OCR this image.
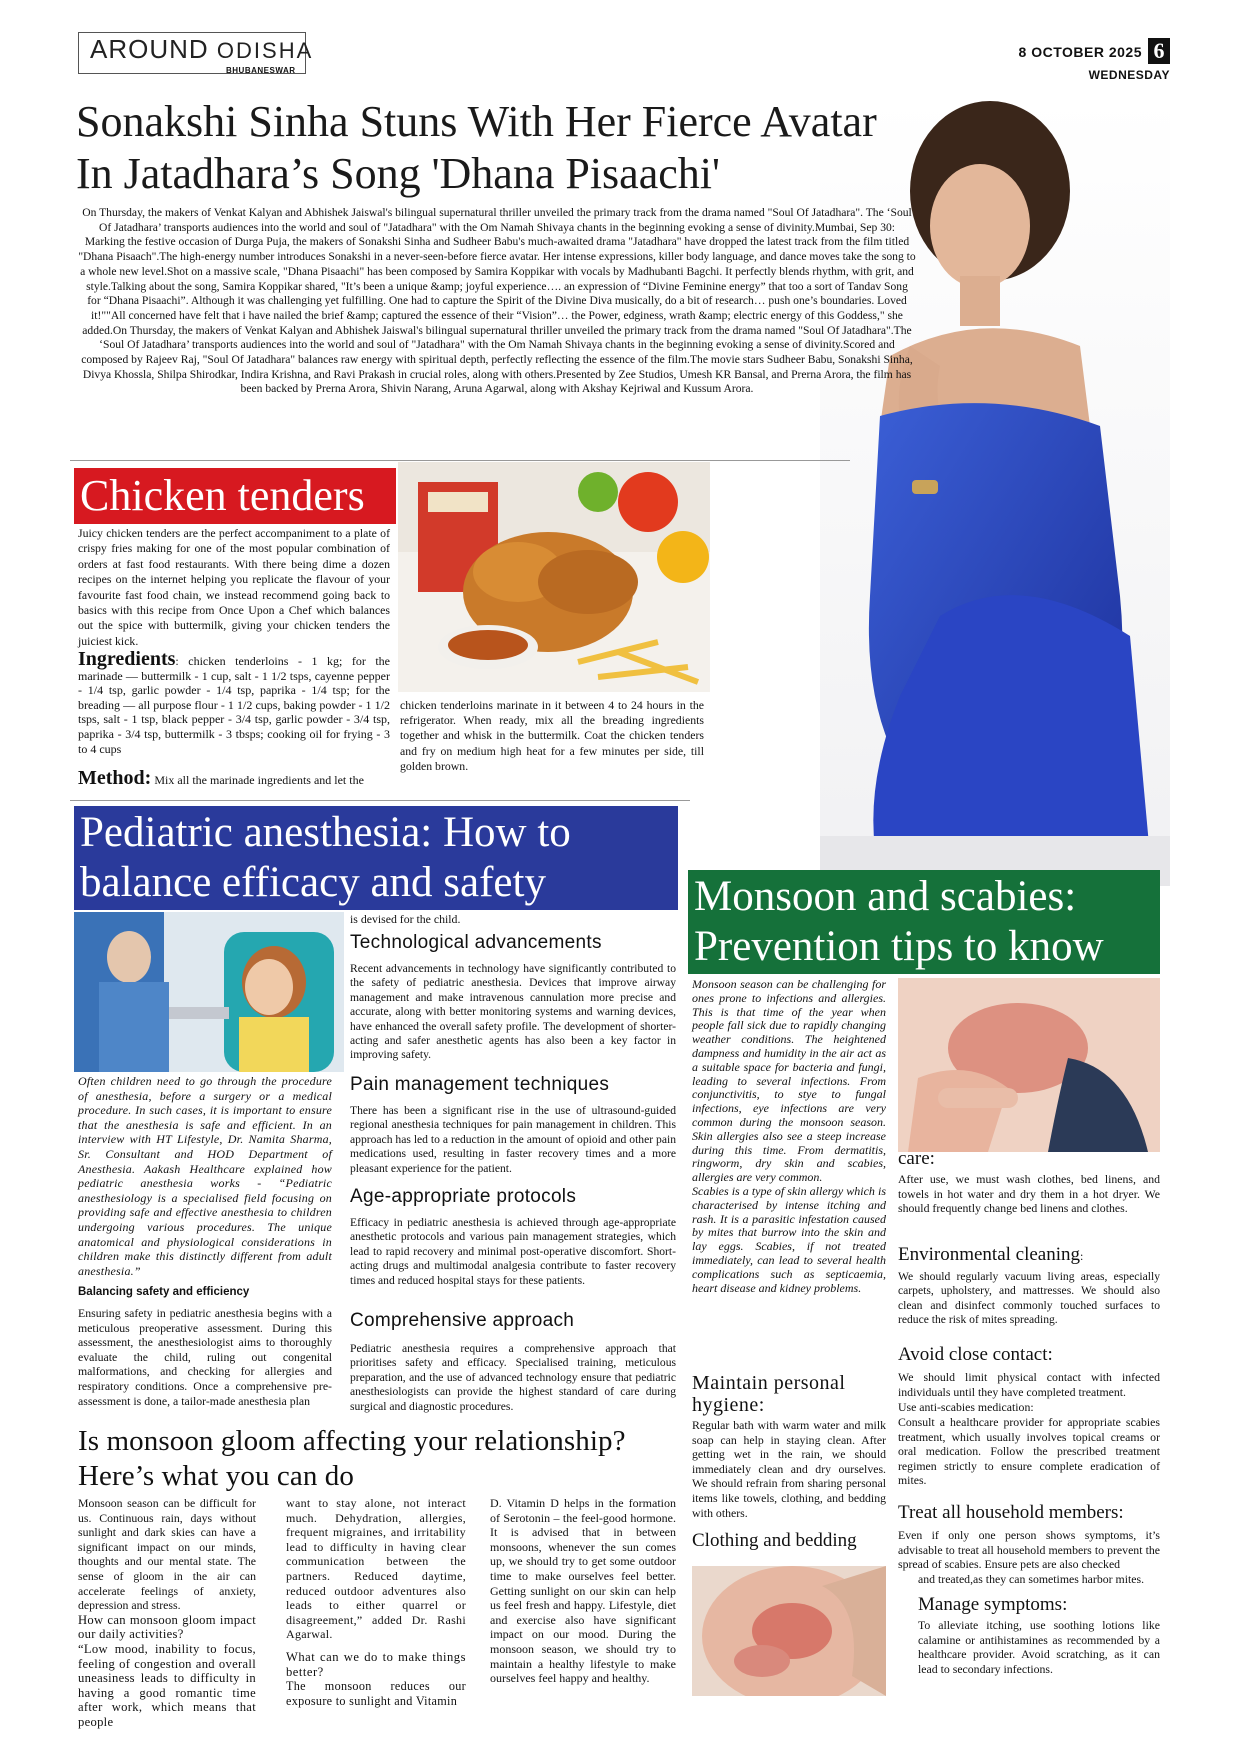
AROUND ODISHA
BHUBANESWAR
8 OCTOBER 2025 6
WEDNESDAY
Sonakshi Sinha Stuns With Her Fierce Avatar
In Jatadhara’s Song 'Dhana Pisaachi'

On Thursday, the makers of Venkat Kalyan and Abhishek Jaiswal's bilingual supernatural thriller unveiled the primary track from the drama named "Soul Of Jatadhara". The ‘Soul Of Jatadhara’ transports audiences into the world and soul of "Jatadhara" with the Om Namah Shivaya chants in the beginning evoking a sense of divinity.Mumbai, Sep 30: Marking the festive occasion of Durga Puja, the makers of Sonakshi Sinha and Sudheer Babu's much-awaited drama "Jatadhara" have dropped the latest track from the film titled "Dhana Pisaach".The high-energy number introduces Sonakshi in a never-seen-before fierce avatar. Her intense expressions, killer body language, and dance moves take the song to a whole new level.Shot on a massive scale, "Dhana Pisaachi" has been composed by Samira Koppikar with vocals by Madhubanti Bagchi. It perfectly blends rhythm, with grit, and style.Talking about the song, Samira Koppikar shared, "It’s been a unique &amp; joyful experience…. an expression of “Divine Feminine energy” that too a sort of Tandav Song for “Dhana Pisaachi”. Although it was challenging yet fulfilling. One had to capture the Spirit of the Divine Diva musically, do a bit of research… push one’s boundaries. Loved it!""All concerned have felt that i have nailed the brief &amp; captured the essence of their “Vision”… the Power, edginess, wrath &amp; electric energy of this Goddess," she added.On Thursday, the makers of Venkat Kalyan and Abhishek Jaiswal's bilingual supernatural thriller unveiled the primary track from the drama named "Soul Of Jatadhara".The ‘Soul Of Jatadhara’ transports audiences into the world and soul of "Jatadhara" with the Om Namah Shivaya chants in the beginning evoking a sense of divinity.Scored and composed by Rajeev Raj, "Soul Of Jatadhara" balances raw energy with spiritual depth, perfectly reflecting the essence of the film.The movie stars Sudheer Babu, Sonakshi Sinha, Divya Khossla, Shilpa Shirodkar, Indira Krishna, and Ravi Prakash in crucial roles, along with others.Presented by Zee Studios, Umesh KR Bansal, and Prerna Arora, the film has been backed by Prerna Arora, Shivin Narang, Aruna Agarwal, along with Akshay Kejriwal and Kussum Arora.

Chicken tenders

Juicy chicken tenders are the perfect accompaniment to a plate of crispy fries making for one of the most popular combination of orders at fast food restaurants. With there being dime a dozen recipes on the internet helping you replicate the flavour of your favourite fast food chain, we instead recommend going back to basics with this recipe from Once Upon a Chef which balances out the spice with buttermilk, giving your chicken tenders the juiciest kick.

Ingredients: chicken tenderloins - 1 kg; for the marinade — buttermilk - 1 cup, salt - 1 1/2 tsps, cayenne pepper - 1/4 tsp, garlic powder - 1/4 tsp, paprika - 1/4 tsp; for the breading — all purpose flour - 1 1/2 cups, baking powder - 1 1/2 tsps, salt - 1 tsp, black pepper - 3/4 tsp, garlic powder - 3/4 tsp, paprika - 3/4 tsp, buttermilk - 3 tbsps; cooking oil for frying - 3 to 4 cups

Method: Mix all the marinade ingredients and let the

chicken tenderloins marinate in it between 4 to 24 hours in the refrigerator. When ready, mix all the breading ingredients together and whisk in the buttermilk. Coat the chicken tenders and fry on medium high heat for a few minutes per side, till golden brown.

Pediatric anesthesia: How to
balance efficacy and safety

Often children need to go through the procedure of anesthesia, before a surgery or a medical procedure. In such cases, it is important to ensure that the anesthesia is safe and efficient. In an interview with HT Lifestyle, Dr. Namita Sharma, Sr. Consultant and HOD Department of Anesthesia. Aakash Healthcare explained how pediatric anesthesia works - “Pediatric anesthesiology is a specialised field focusing on providing safe and effective anesthesia to children undergoing various procedures. The unique anatomical and physiological considerations in children make this distinctly different from adult anesthesia.”

Balancing safety and efficiency

Ensuring safety in pediatric anesthesia begins with a meticulous preoperative assessment. During this assessment, the anesthesiologist aims to thoroughly evaluate the child, ruling out congenital malformations, and checking for allergies and respiratory conditions. Once a comprehensive pre-assessment is done, a tailor-made anesthesia plan

is devised for the child.
Technological advancements

Recent advancements in technology have significantly contributed to the safety of pediatric anesthesia. Devices that improve airway management and make intravenous cannulation more precise and accurate, along with better monitoring systems and warning devices, have enhanced the overall safety profile. The development of shorter-acting and safer anesthetic agents has also been a key factor in improving safety.

Pain management techniques

There has been a significant rise in the use of ultrasound-guided regional anesthesia techniques for pain management in children. This approach has led to a reduction in the amount of opioid and other pain medications used, resulting in faster recovery times and a more pleasant experience for the patient.

Age-appropriate protocols

Efficacy in pediatric anesthesia is achieved through age-appropriate anesthetic protocols and various pain management strategies, which lead to rapid recovery and minimal post-operative discomfort. Short-acting drugs and multimodal analgesia contribute to faster recovery times and reduced hospital stays for these patients.

Comprehensive approach

Pediatric anesthesia requires a comprehensive approach that prioritises safety and efficacy. Specialised training, meticulous preparation, and the use of advanced technology ensure that pediatric anesthesiologists can provide the highest standard of care during surgical and diagnostic procedures.

Is monsoon gloom affecting your relationship?
Here’s what you can do

Monsoon season can be difficult for us. Continuous rain, days without sunlight and dark skies can have a significant impact on our minds, thoughts and our mental state. The sense of gloom in the air can accelerate feelings of anxiety, depression and stress.

How can monsoon gloom impact our daily activities?

“Low mood, inability to focus, feeling of congestion and overall uneasiness leads to difficulty in having a good romantic time after work, which means that people

want to stay alone, not interact much. Dehydration, allergies, frequent migraines, and irritability lead to difficulty in having clear communication between the partners. Reduced daytime, reduced outdoor adventures also leads to either quarrel or disagreement,” added Dr. Rashi Agarwal.

What can we do to make things better?

The monsoon reduces our exposure to sunlight and Vitamin

D. Vitamin D helps in the formation of Serotonin – the feel-good hormone. It is advised that in between monsoons, whenever the sun comes up, we should try to get some outdoor time to make ourselves feel better. Getting sunlight on our skin can help us feel fresh and happy. Lifestyle, diet and exercise also have significant impact on our mood. During the monsoon season, we should try to maintain a healthy lifestyle to make ourselves feel happy and healthy.

Monsoon and scabies:
Prevention tips to know

Monsoon season can be challenging for ones prone to infections and allergies. This is that time of the year when people fall sick due to rapidly changing weather conditions. The heightened dampness and humidity in the air act as a suitable space for bacteria and fungi, leading to several infections. From conjunctivitis, to stye to fungal infections, eye infections are very common during the monsoon season. Skin allergies also see a steep increase during this time. From dermatitis, ringworm, dry skin and scabies, allergies are very common.

Scabies is a type of skin allergy which is characterised by intense itching and rash. It is a parasitic infestation caused by mites that burrow into the skin and lay eggs. Scabies, if not treated immediately, can lead to several health complications such as septicaemia, heart disease and kidney problems.

Maintain personal hygiene:

Regular bath with warm water and milk soap can help in staying clean. After getting wet in the rain, we should immediately clean and dry ourselves. We should refrain from sharing personal items like towels, clothing, and bedding with others.

Clothing and bedding
care:

After use, we must wash clothes, bed linens, and towels in hot water and dry them in a hot dryer. We should frequently change bed linens and clothes.

Environmental cleaning:

We should regularly vacuum living areas, especially carpets, upholstery, and mattresses. We should also clean and disinfect commonly touched surfaces to reduce the risk of mites spreading.

Avoid close contact:

We should limit physical contact with infected individuals until they have completed treatment.

Use anti-scabies medication:

Consult a healthcare provider for appropriate scabies treatment, which usually involves topical creams or oral medication. Follow the prescribed treatment regimen strictly to ensure complete eradication of mites.

Treat all household members:

Even if only one person shows symptoms, it’s advisable to treat all household members to prevent the spread of scabies. Ensure pets are also checked

and treated,as they can sometimes harbor mites.

Manage symptoms:

To alleviate itching, use soothing lotions like calamine or antihistamines as recommended by a healthcare provider. Avoid scratching, as it can lead to secondary infections.
